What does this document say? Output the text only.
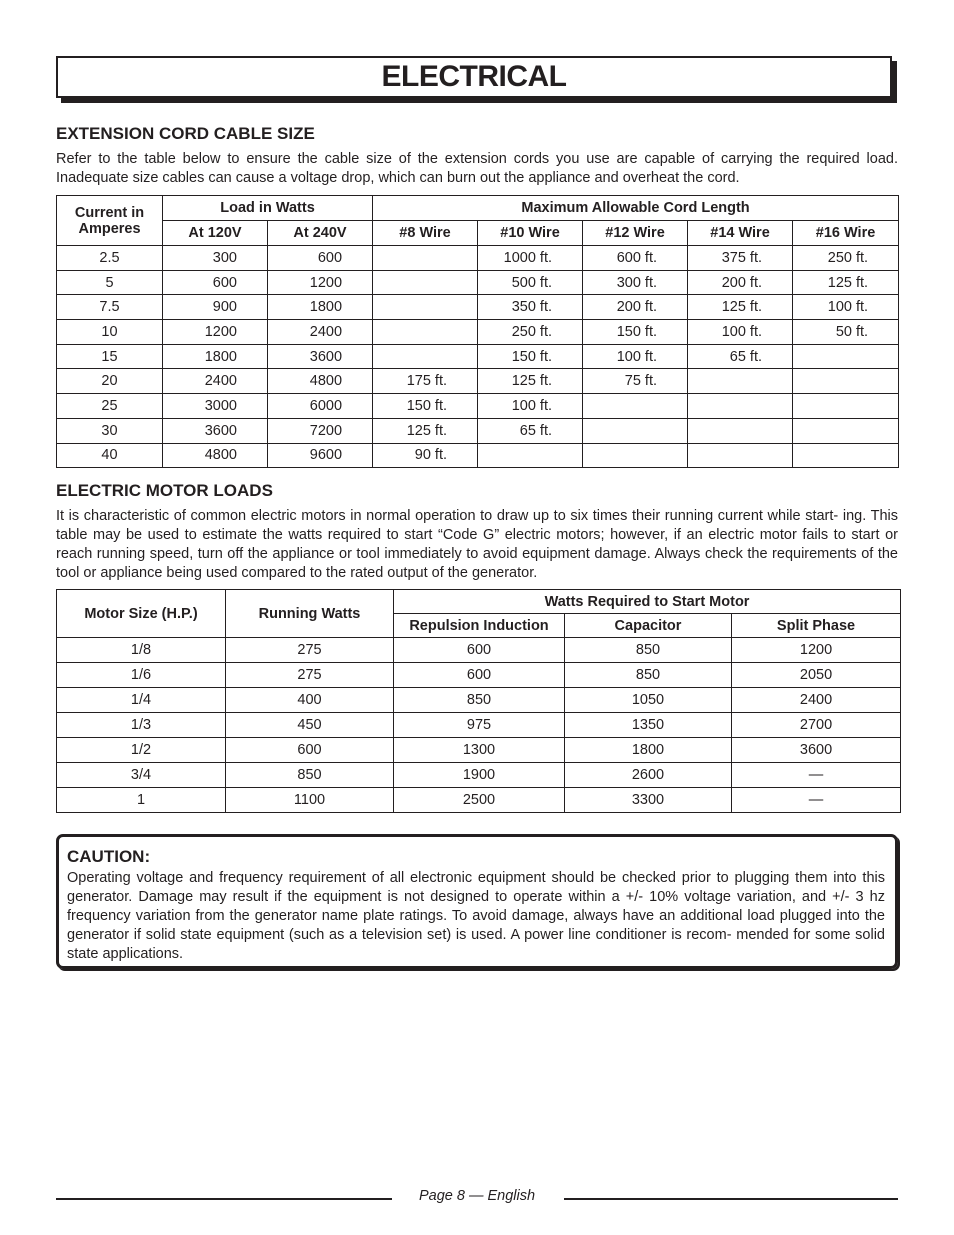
ELECTRICAL
EXTENSION CORD CABLE SIZE

Refer to the table below to ensure the cable size of the extension cords you use are capable of carrying the required load. Inadequate size cables can cause a voltage drop, which can burn out the appliance and overheat the cord.

Current in Amperes	Load in Watts		Maximum Allowable Cord Length				
	At 120V	At 240V	#8 Wire	#10 Wire	#12 Wire	#14 Wire	#16 Wire
2.5	300	600		1000 ft.	600 ft.	375 ft.	250 ft.
5	600	1200		500 ft.	300 ft.	200 ft.	125 ft.
7.5	900	1800		350 ft.	200 ft.	125 ft.	100 ft.
10	1200	2400		250 ft.	150 ft.	100 ft.	50 ft.
15	1800	3600		150 ft.	100 ft.	65 ft.	
20	2400	4800	175 ft.	125 ft.	75 ft.		
25	3000	6000	150 ft.	100 ft.			
30	3600	7200	125 ft.	65 ft.			
40	4800	9600	90 ft.				
ELECTRIC MOTOR LOADS

It is characteristic of common electric motors in normal operation to draw up to six times their running current while start- ing. This table may be used to estimate the watts required to start “Code G” electric motors; however, if an electric motor fails to start or reach running speed, turn off the appliance or tool immediately to avoid equipment damage. Always check the requirements of the tool or appliance being used compared to the rated output of the generator.

Motor Size (H.P.)	Running Watts	Watts Required to Start Motor		
		Repulsion Induction	Capacitor	Split Phase
1/8	275	600	850	1200
1/6	275	600	850	2050
1/4	400	850	1050	2400
1/3	450	975	1350	2700
1/2	600	1300	1800	3600
3/4	850	1900	2600	—
1	1100	2500	3300	—
CAUTION:

Operating voltage and frequency requirement of all electronic equipment should be checked prior to plugging them into this generator. Damage may result if the equipment is not designed to operate within a +/- 10% voltage variation, and +/- 3 hz frequency variation from the generator name plate ratings. To avoid damage, always have an additional load plugged into the generator if solid state equipment (such as a television set) is used. A power line conditioner is recom- mended for some solid state applications.

Page 8 — English
